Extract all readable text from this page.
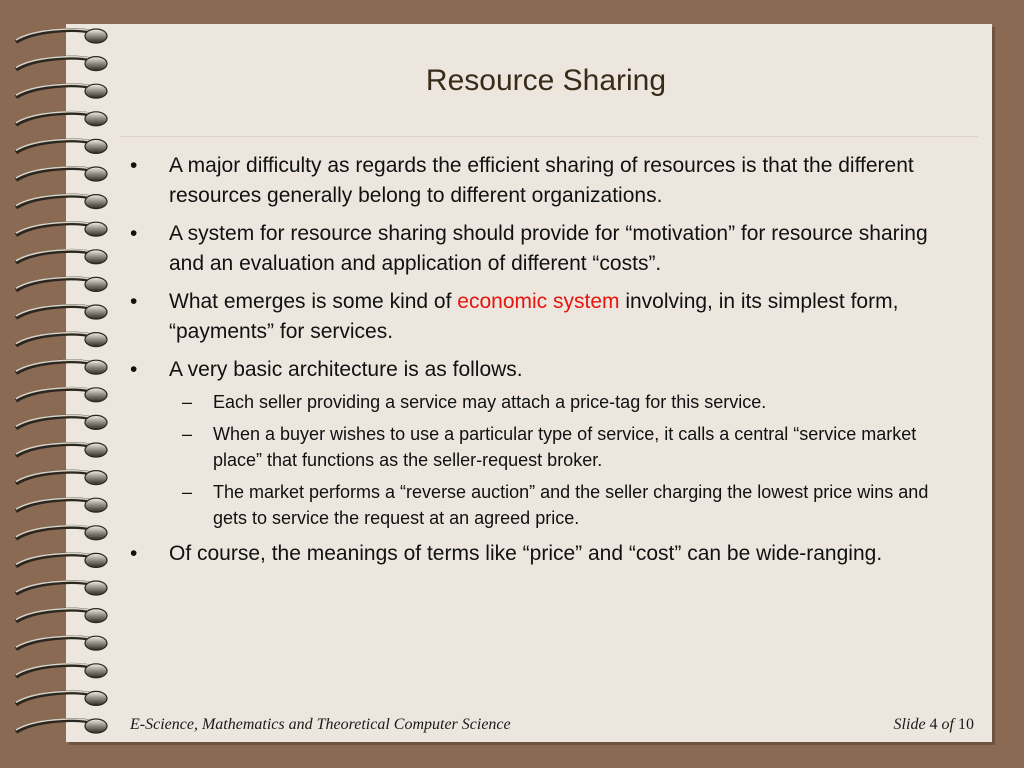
Resource Sharing
• A major difficulty as regards the efficient sharing of resources is that the different resources generally belong to different organizations.
• A system for resource sharing should provide for “motivation” for resource sharing and an evaluation and application of different “costs”.
• What emerges is some kind of economic system involving, in its simplest form, “payments” for services.
• A very basic architecture is as follows.
– Each seller providing a service may attach a price-tag for this service.
– When a buyer wishes to use a particular type of service, it calls a central “service market place” that functions as the seller-request broker.
– The market performs a “reverse auction” and the seller charging the lowest price wins and gets to service the request at an agreed price.
• Of course, the meanings of terms like “price” and “cost” can be wide-ranging.
E-Science, Mathematics and Theoretical Computer Science	Slide 4 of 10
